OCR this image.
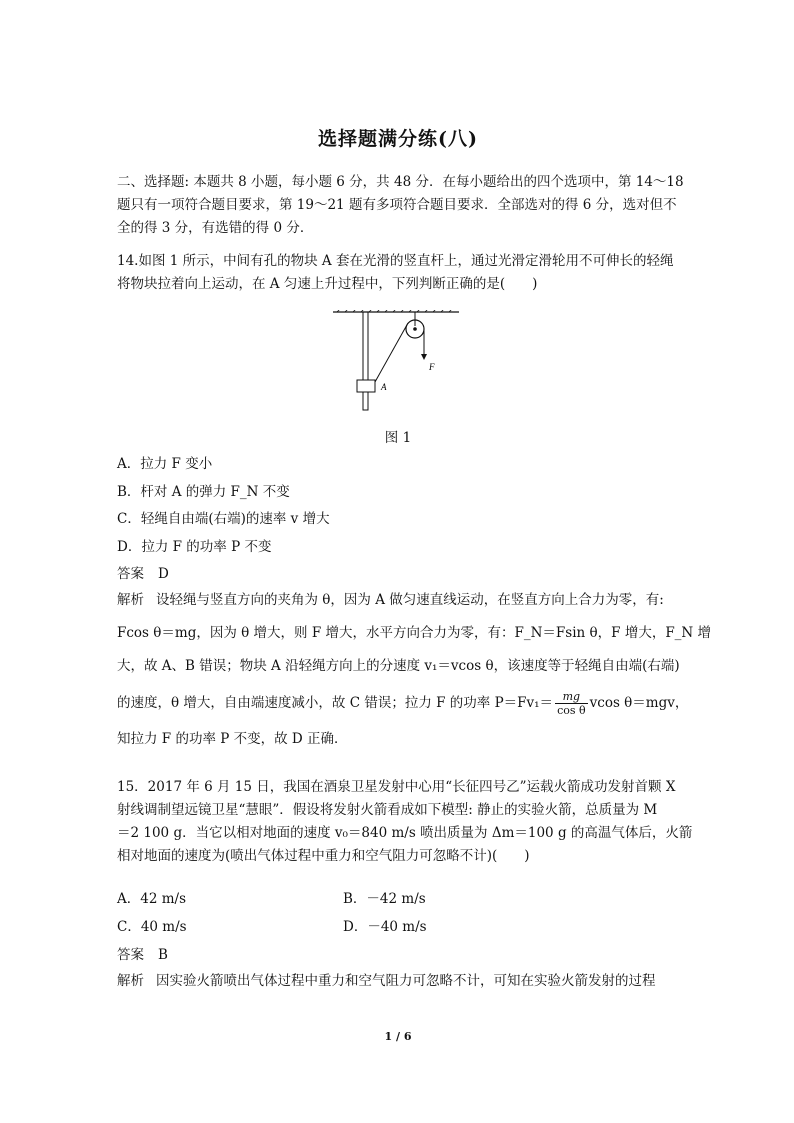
选择题满分练(八)
二、选择题: 本题共 8 小题，每小题 6 分，共 48 分．在每小题给出的四个选项中，第 14～18
题只有一项符合题目要求，第 19～21 题有多项符合题目要求．全部选对的得 6 分，选对但不
全的得 3 分，有选错的得 0 分．
14.如图 1 所示，中间有孔的物块 A 套在光滑的竖直杆上，通过光滑定滑轮用不可伸长的轻绳
将物块拉着向上运动，在 A 匀速上升过程中，下列判断正确的是(　　)
F
A
图 1
A．拉力 F 变小
B．杆对 A 的弹力 F_N 不变
C．轻绳自由端(右端)的速率 v 增大
D．拉力 F 的功率 P 不变
答案 D
解析 设轻绳与竖直方向的夹角为 θ，因为 A 做匀速直线运动，在竖直方向上合力为零，有:
Fcos θ＝mg，因为 θ 增大，则 F 增大，水平方向合力为零，有：F_N＝Fsin θ，F 增大，F_N 增
大，故 A、B 错误；物块 A 沿轻绳方向上的分速度 v₁＝vcos θ，该速度等于轻绳自由端(右端)
的速度，θ 增大，自由端速度减小，故 C 错误；拉力 F 的功率 $P=Fv_1= \frac{mg}{\text{cos θ}}$ vcos θ＝mgv，
知拉力 F 的功率 P 不变，故 D 正确．
15．2017 年 6 月 15 日，我国在酒泉卫星发射中心用“长征四号乙”运载火箭成功发射首颗 X
射线调制望远镜卫星“慧眼”．假设将发射火箭看成如下模型: 静止的实验火箭，总质量为 M
＝2 100 g．当它以相对地面的速度 v₀＝840 m/s 喷出质量为 Δm＝100 g 的高温气体后，火箭
相对地面的速度为(喷出气体过程中重力和空气阻力可忽略不计)(　　)
A．42 m/s	B．－42 m/s
C．40 m/s	D．－40 m/s
答案 B
解析 因实验火箭喷出气体过程中重力和空气阻力可忽略不计，可知在实验火箭发射的过程
1 / 6
